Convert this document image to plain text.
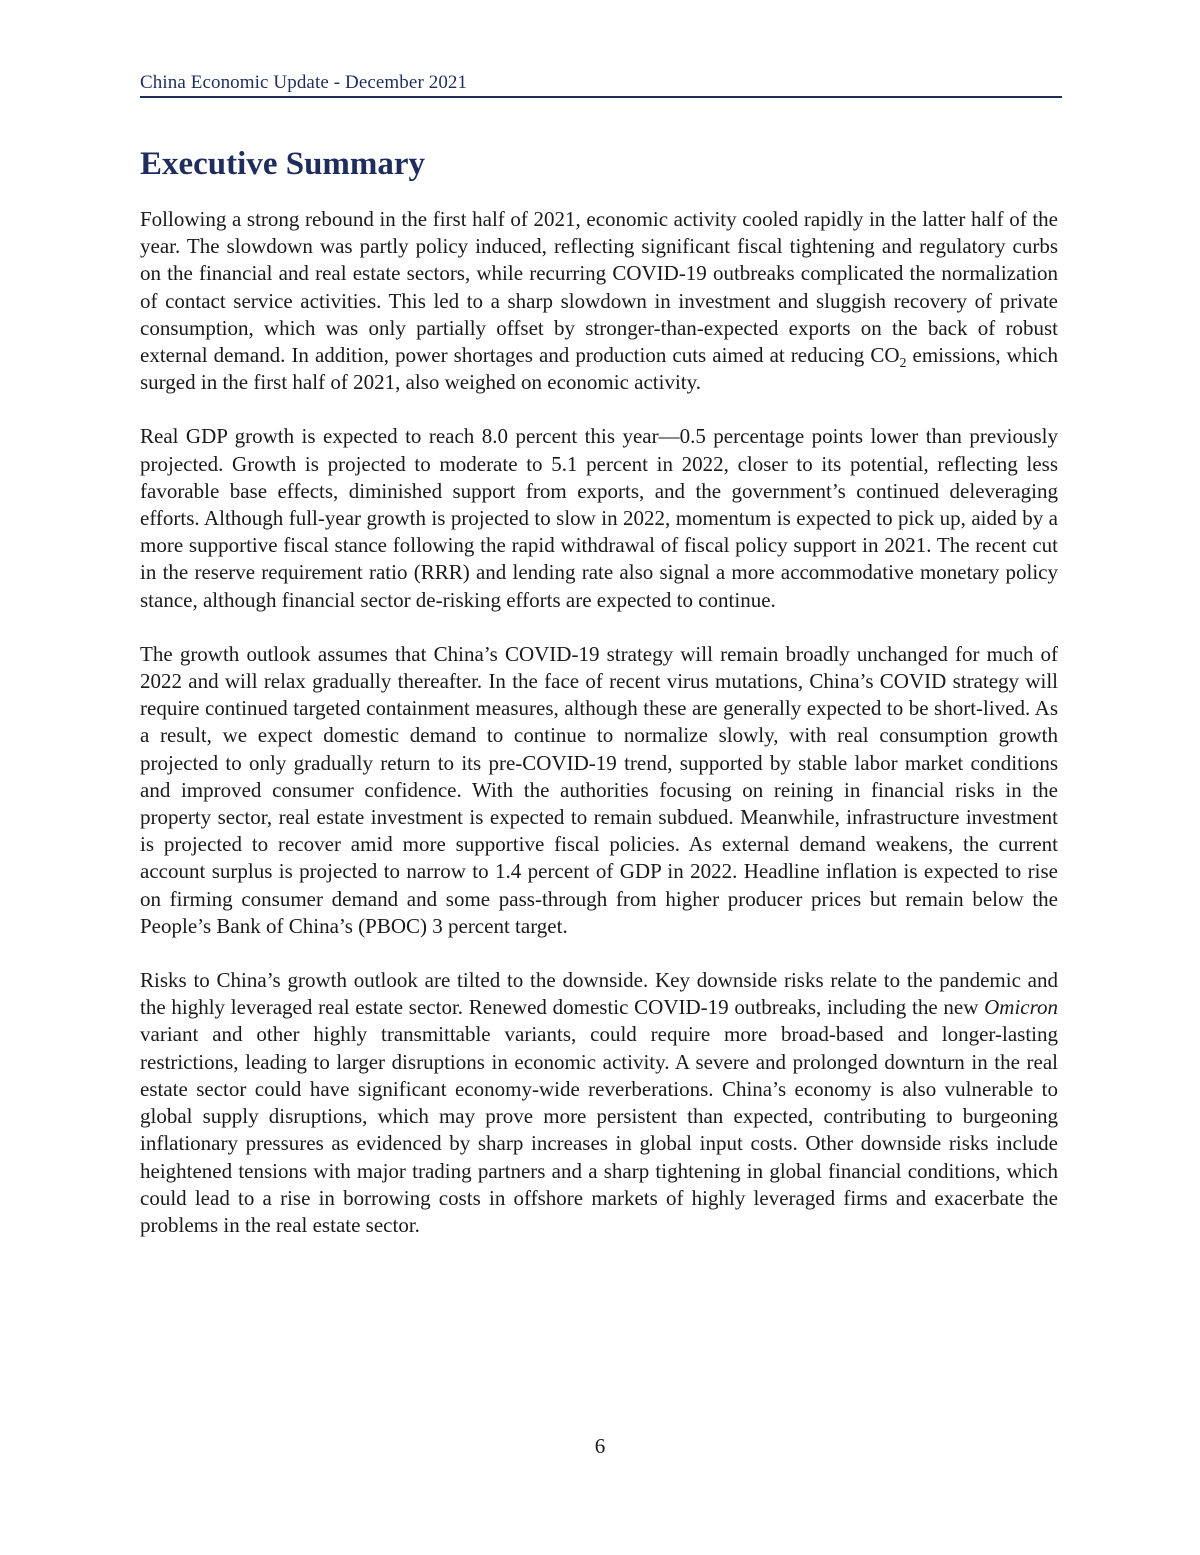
China Economic Update - December 2021
Executive Summary

Following a strong rebound in the first half of 2021, economic activity cooled rapidly in the latter half of the year. The slowdown was partly policy induced, reflecting significant fiscal tightening and regulatory curbs on the financial and real estate sectors, while recurring COVID-19 outbreaks complicated the normalization of contact service activities. This led to a sharp slowdown in investment and sluggish recovery of private consumption, which was only partially offset by stronger-than-expected exports on the back of robust external demand. In addition, power shortages and production cuts aimed at reducing $CO_2$ emissions, which surged in the first half of 2021, also weighed on economic activity.

Real GDP growth is expected to reach 8.0 percent this year—0.5 percentage points lower than previously projected. Growth is projected to moderate to 5.1 percent in 2022, closer to its potential, reflecting less favorable base effects, diminished support from exports, and the government’s continued deleveraging efforts. Although full-year growth is projected to slow in 2022, momentum is expected to pick up, aided by a more supportive fiscal stance following the rapid withdrawal of fiscal policy support in 2021. The recent cut in the reserve requirement ratio (RRR) and lending rate also signal a more accommodative monetary policy stance, although financial sector de-risking efforts are expected to continue.

The growth outlook assumes that China’s COVID-19 strategy will remain broadly unchanged for much of 2022 and will relax gradually thereafter. In the face of recent virus mutations, China’s COVID strategy will require continued targeted containment measures, although these are generally expected to be short-lived. As a result, we expect domestic demand to continue to normalize slowly, with real consumption growth projected to only gradually return to its pre-COVID-19 trend, supported by stable labor market conditions and improved consumer confidence. With the authorities focusing on reining in financial risks in the property sector, real estate investment is expected to remain subdued. Meanwhile, infrastructure investment is projected to recover amid more supportive fiscal policies. As external demand weakens, the current account surplus is projected to narrow to 1.4 percent of GDP in 2022. Headline inflation is expected to rise on firming consumer demand and some pass-through from higher producer prices but remain below the People’s Bank of China’s (PBOC) 3 percent target.

Risks to China’s growth outlook are tilted to the downside. Key downside risks relate to the pandemic and the highly leveraged real estate sector. Renewed domestic COVID-19 outbreaks, including the new Omicron variant and other highly transmittable variants, could require more broad-based and longer-lasting restrictions, leading to larger disruptions in economic activity. A severe and prolonged downturn in the real estate sector could have significant economy-wide reverberations. China’s economy is also vulnerable to global supply disruptions, which may prove more persistent than expected, contributing to burgeoning inflationary pressures as evidenced by sharp increases in global input costs. Other downside risks include heightened tensions with major trading partners and a sharp tightening in global financial conditions, which could lead to a rise in borrowing costs in offshore markets of highly leveraged firms and exacerbate the problems in the real estate sector.

6
